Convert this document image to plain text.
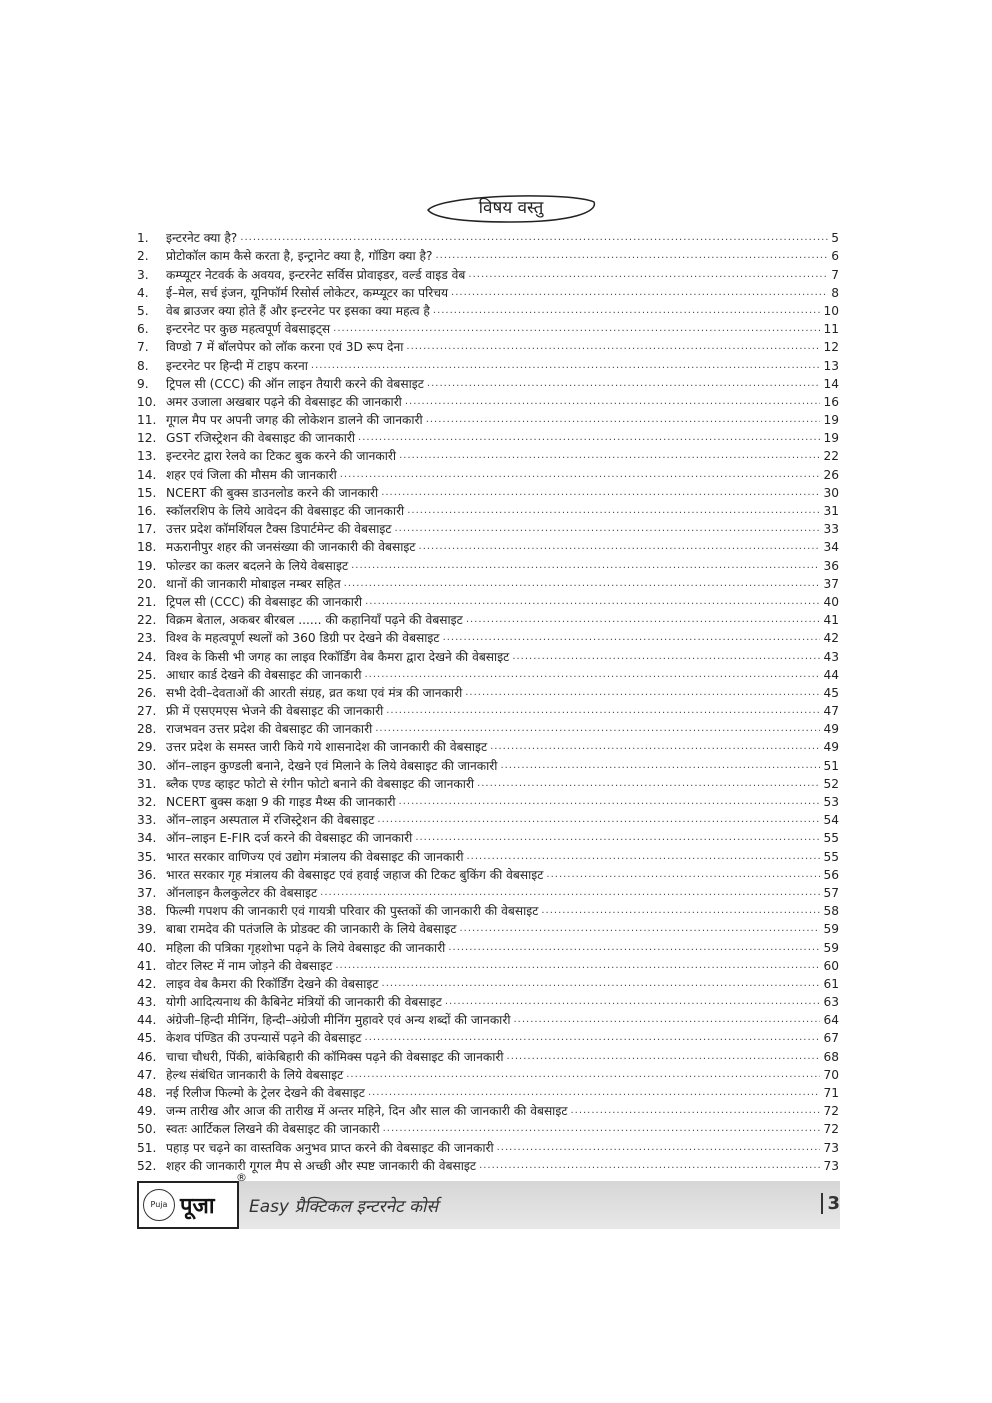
विषय वस्तु
1.	इन्टरनेट क्या है? .....	5
2.	प्रोटोकॉल काम कैसे करता है, इन्ट्रानेट क्या है, गॉडिग क्या है? .....	6
3.	कम्प्यूटर नेटवर्क के अवयव, इन्टरनेट सर्विस प्रोवाइडर, वर्ल्ड वाइड वेब .....	7
4.	ई–मेल, सर्च इंजन, यूनिफॉर्म रिसोर्स लोकेटर, कम्प्यूटर का परिचय .....	8
5.	वेब ब्राउजर क्या होते हैं और इन्टरनेट पर इसका क्या महत्व है .....	10
6.	इन्टरनेट पर कुछ महत्वपूर्ण वेबसाइट्स .....	11
7.	विण्डो 7 में बॉलपेपर को लॉक करना एवं 3D रूप देना .....	12
8.	इन्टरनेट पर हिन्दी में टाइप करना .....	13
9.	ट्रिपल सी (CCC) की ऑन लाइन तैयारी करने की वेबसाइट .....	14
10. अमर उजाला अखबार पढ़ने की वेबसाइट की जानकारी .....	16
11. गूगल मैप पर अपनी जगह की लोकेशन डालने की जानकारी .....	19
12. GST रजिस्ट्रेशन की वेबसाइट की जानकारी .....	19
13. इन्टरनेट द्वारा रेलवे का टिकट बुक करने की जानकारी .....	22
14. शहर एवं जिला की मौसम की जानकारी .....	26
15. NCERT की बुक्स डाउनलोड करने की जानकारी .....	30
16. स्कॉलरशिप के लिये आवेदन की वेबसाइट की जानकारी .....	31
17. उत्तर प्रदेश कॉमर्शियल टैक्स डिपार्टमेन्ट की वेबसाइट .....	33
18. मऊरानीपुर शहर की जनसंख्या की जानकारी की वेबसाइट .....	34
19. फोल्डर का कलर बदलने के लिये वेबसाइट .....	36
20. थानों की जानकारी मोबाइल नम्बर सहित .....	37
21. ट्रिपल सी (CCC) की वेबसाइट की जानकारी .....	40
22. विक्रम बेताल, अकबर बीरबल ...... की कहानियाँ पढ़ने की वेबसाइट .....	41
23. विश्व के महत्वपूर्ण स्थलों को 360 डिग्री पर देखने की वेबसाइट .....	42
24. विश्व के किसी भी जगह का लाइव रिकॉर्डिंग वेब कैमरा द्वारा देखने की वेबसाइट .....	43
25. आधार कार्ड देखने की वेबसाइट की जानकारी .....	44
26. सभी देवी–देवताओं की आरती संग्रह, व्रत कथा एवं मंत्र की जानकारी .....	45
27. फ्री में एसएमएस भेजने की वेबसाइट की जानकारी .....	47
28. राजभवन उत्तर प्रदेश की वेबसाइट की जानकारी .....	49
29. उत्तर प्रदेश के समस्त जारी किये गये शासनादेश की जानकारी की वेबसाइट .....	49
30. ऑन–लाइन कुण्डली बनाने, देखने एवं मिलाने के लिये वेबसाइट की जानकारी .....	51
31. ब्लैक एण्ड व्हाइट फोटो से रंगीन फोटो बनाने की वेबसाइट की जानकारी .....	52
32. NCERT बुक्स कक्षा 9 की गाइड मैथ्स की जानकारी .....	53
33. ऑन–लाइन अस्पताल में रजिस्ट्रेशन की वेबसाइट .....	54
34. ऑन–लाइन E-FIR दर्ज करने की वेबसाइट की जानकारी .....	55
35. भारत सरकार वाणिज्य एवं उद्योग मंत्रालय की वेबसाइट की जानकारी .....	55
36. भारत सरकार गृह मंत्रालय की वेबसाइट एवं हवाई जहाज की टिकट बुकिंग की वेबसाइट .....	56
37. ऑनलाइन कैलकुलेटर की वेबसाइट .....	57
38. फिल्मी गपशप की जानकारी एवं गायत्री परिवार की पुस्तकों की जानकारी की वेबसाइट .....	58
39. बाबा रामदेव की पतंजलि के प्रोडक्ट की जानकारी के लिये वेबसाइट .....	59
40. महिला की पत्रिका गृहशोभा पढ़ने के लिये वेबसाइट की जानकारी .....	59
41. वोटर लिस्ट में नाम जोड़ने की वेबसाइट .....	60
42. लाइव वेब कैमरा की रिकॉर्डिंग देखने की वेबसाइट .....	61
43. योगी आदित्यनाथ की कैबिनेट मंत्रियों की जानकारी की वेबसाइट .....	63
44. अंग्रेजी–हिन्दी मीनिंग, हिन्दी–अंग्रेजी मीनिंग मुहावरे एवं अन्य शब्दों की जानकारी .....	64
45. केशव पंण्डित की उपन्यासें पढ़ने की वेबसाइट .....	67
46. चाचा चौधरी, पिंकी, बांकेबिहारी की कॉमिक्स पढ़ने की वेबसाइट की जानकारी .....	68
47. हेल्थ संबंधित जानकारी के लिये वेबसाइट .....	70
48. नई रिलीज फिल्मो के ट्रेलर देखने की वेबसाइट .....	71
49. जन्म तारीख और आज की तारीख में अन्तर महिने, दिन और साल की जानकारी की वेबसाइट .....	72
50. स्वतः आर्टिकल लिखने की वेबसाइट की जानकारी .....	72
51. पहाड़ पर चढ़ने का वास्तविक अनुभव प्राप्त करने की वेबसाइट की जानकारी .....	73
52. शहर की जानकारी गूगल मैप से अच्छी और स्पष्ट जानकारी की वेबसाइट .....	73
Puja पूजा
®
Easy प्रैक्टिकल इन्टरनेट कोर्स	3
